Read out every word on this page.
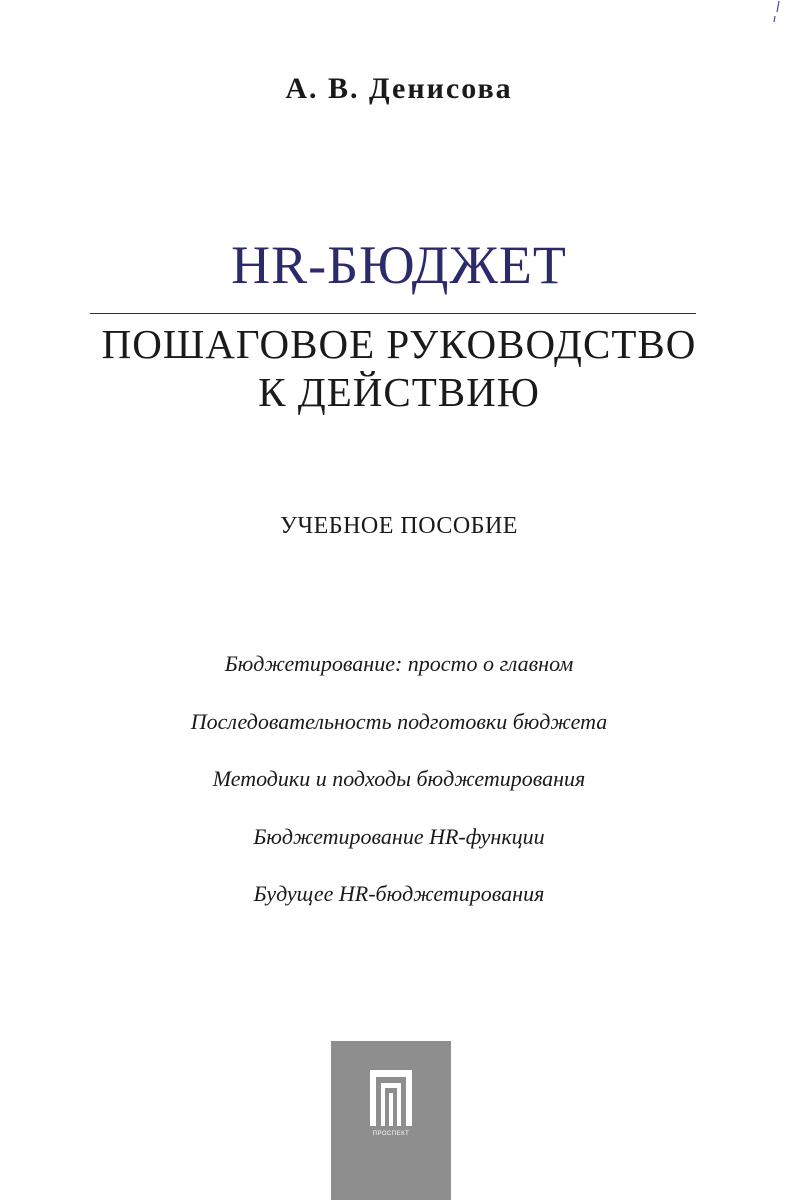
А. В. Денисова
HR-БЮДЖЕТ
ПОШАГОВОЕ РУКОВОДСТВО
К ДЕЙСТВИЮ
УЧЕБНОЕ ПОСОБИЕ
Бюджетирование: просто о главном
Последовательность подготовки бюджета
Методики и подходы бюджетирования
Бюджетирование HR-функции
Будущее HR-бюджетирования
ПРОСПЕКТ
